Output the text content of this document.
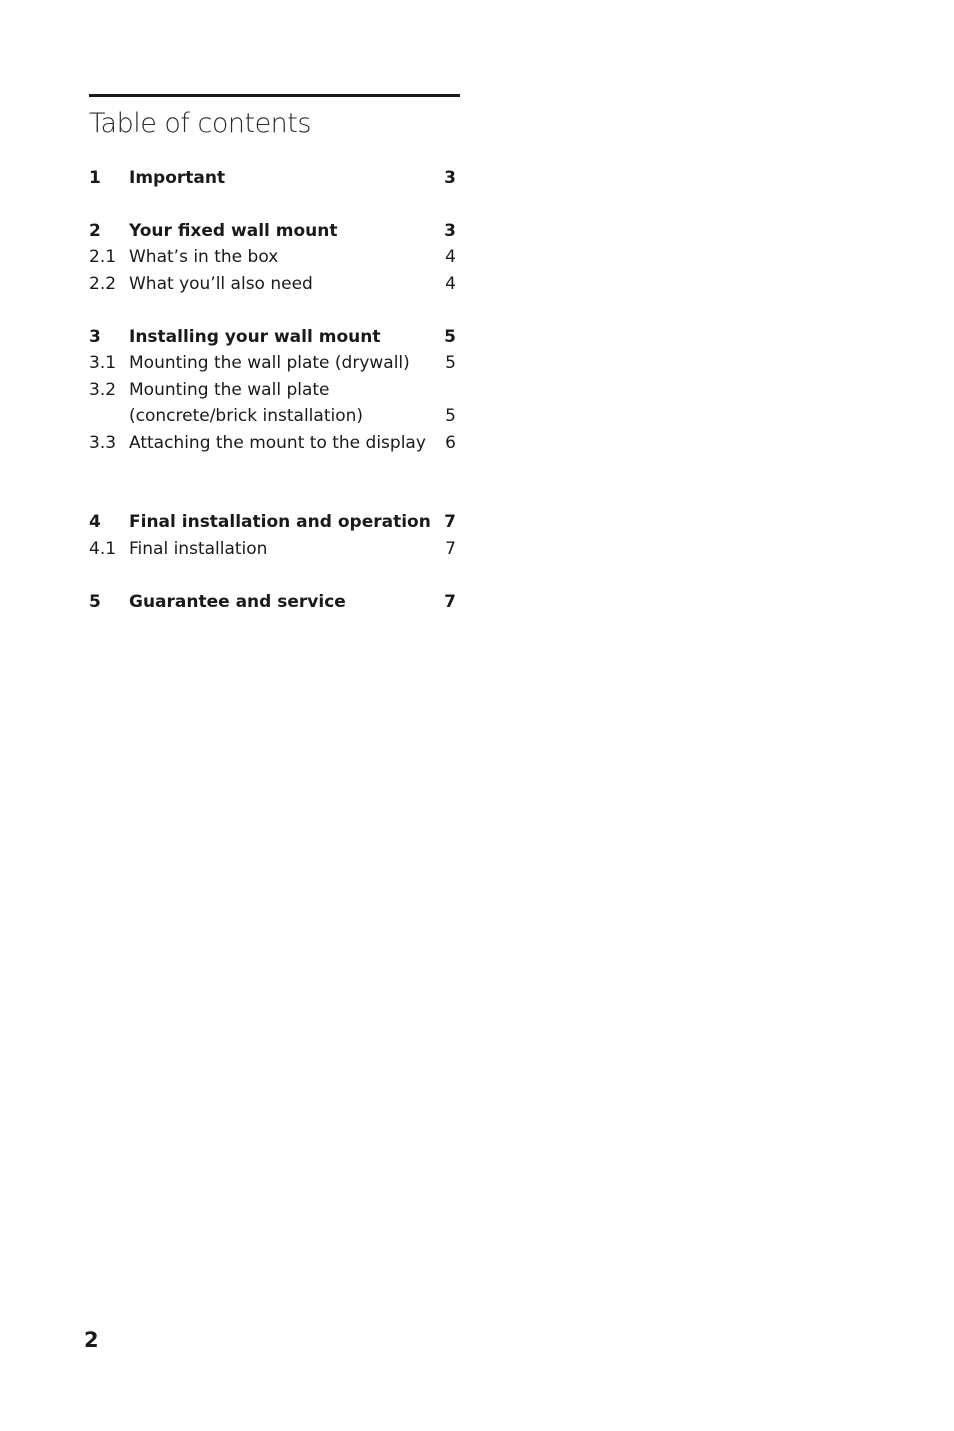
Table of contents
1 Important	3
2 Your fixed wall mount	3
2.1 What’s in the box	4
2.2 What you’ll also need	4
3 Installing your wall mount	5
3.1 Mounting the wall plate (drywall) 5
3.2 Mounting the wall plate
(concrete/brick installation)	5
3.3 Attaching the mount to the display 6
4 Final installation and operation 7
4.1 Final installation	7
5 Guarantee and service	7
2
